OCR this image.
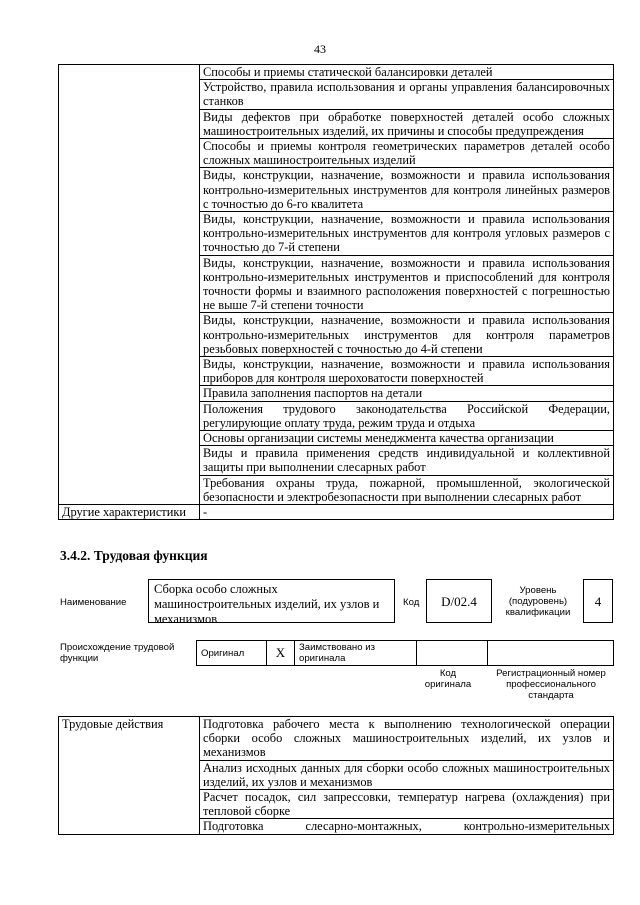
43
	Способы и приемы статической балансировки деталей
	Устройство, правила использования и органы управления балансировочных станков
	Виды дефектов при обработке поверхностей деталей особо сложных машиностроительных изделий, их причины и способы предупреждения
	Способы и приемы контроля геометрических параметров деталей особо сложных машиностроительных изделий
	Виды, конструкции, назначение, возможности и правила использования контрольно-измерительных инструментов для контроля линейных размеров с точностью до 6-го квалитета
	Виды, конструкции, назначение, возможности и правила использования контрольно-измерительных инструментов для контроля угловых размеров с точностью до 7-й степени
	Виды, конструкции, назначение, возможности и правила использования контрольно-измерительных инструментов и приспособлений для контроля точности формы и взаимного расположения поверхностей с погрешностью не выше 7-й степени точности
	Виды, конструкции, назначение, возможности и правила использования контрольно-измерительных инструментов для контроля параметров резьбовых поверхностей с точностью до 4-й степени
	Виды, конструкции, назначение, возможности и правила использования приборов для контроля шероховатости поверхностей
	Правила заполнения паспортов на детали
	Положения трудового законодательства Российской Федерации, регулирующие оплату труда, режим труда и отдыха
	Основы организации системы менеджмента качества организации
	Виды и правила применения средств индивидуальной и коллективной защиты при выполнении слесарных работ
	Требования охраны труда, пожарной, промышленной, экологической безопасности и электробезопасности при выполнении слесарных работ
Другие характеристики	-
3.4.2. Трудовая функция
Наименование
Сборка особо сложных машиностроительных изделий, их узлов и механизмов
Код	D/02.4
Уровень (подуровень) квалификации
4
Происхождение трудовой функции	Оригинал	X	Заимствовано из оригинала		
Код оригинала
Регистрационный номер профессионального стандарта
Трудовые действия	Подготовка рабочего места к выполнению технологической операции сборки особо сложных машиностроительных изделий, их узлов и механизмов
Анализ исходных данных для сборки особо сложных машиностроительных изделий, их узлов и механизмов
Расчет посадок, сил запрессовки, температур нагрева (охлаждения) при тепловой сборке
Подготовка слесарно-монтажных, контрольно-измерительных
